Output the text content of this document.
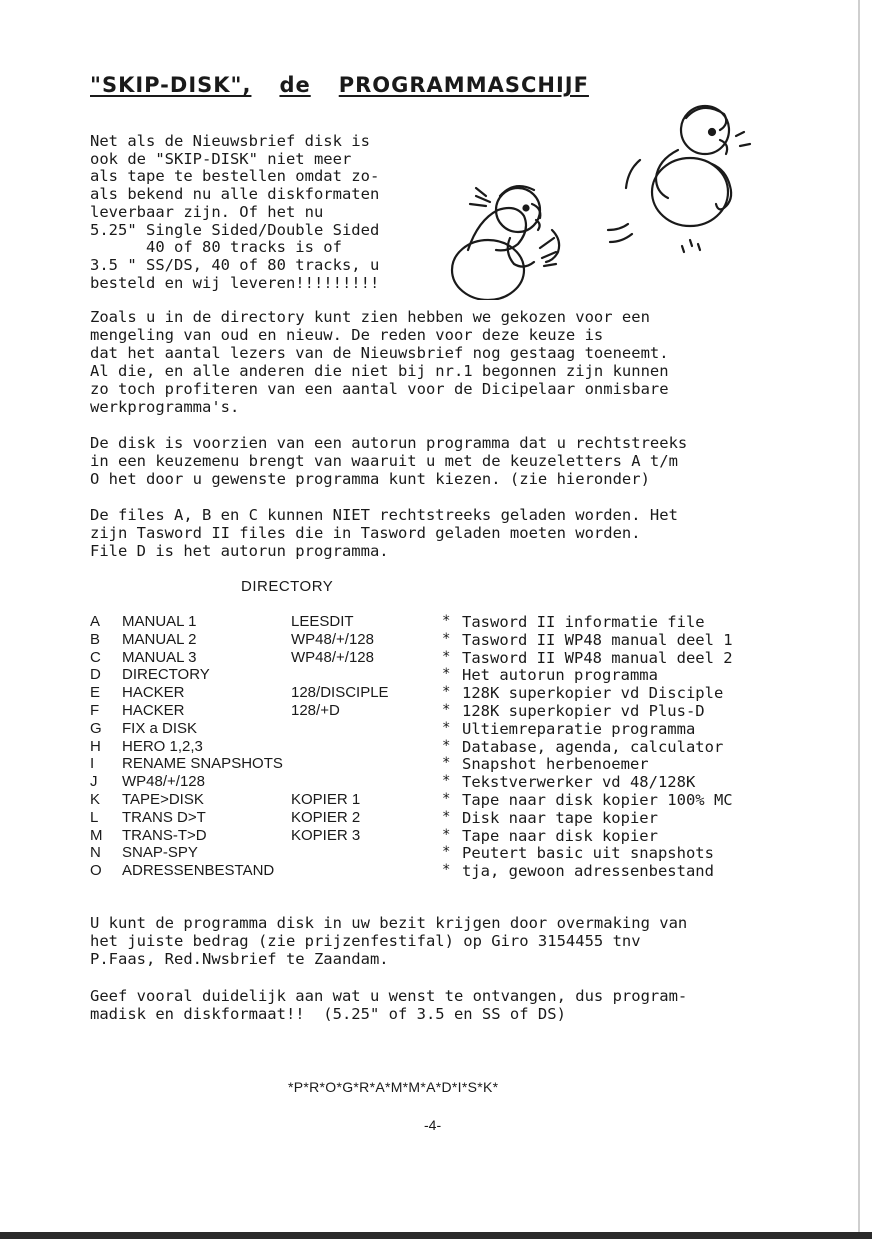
"SKIP-DISK", de PROGRAMMASCHIJF
Net als de Nieuwsbrief disk is
ook de "SKIP-DISK" niet meer
als tape te bestellen omdat zo-
als bekend nu alle diskformaten
leverbaar zijn. Of het nu
5.25" Single Sided/Double Sided
40 of 80 tracks is of
3.5 " SS/DS, 40 of 80 tracks, u
besteld en wij leveren!!!!!!!!!
Zoals u in de directory kunt zien hebben we gekozen voor een
mengeling van oud en nieuw. De reden voor deze keuze is
dat het aantal lezers van de Nieuwsbrief nog gestaag toeneemt.
Al die, en alle anderen die niet bij nr.1 begonnen zijn kunnen
zo toch profiteren van een aantal voor de Dicipelaar onmisbare
werkprogramma's.
De disk is voorzien van een autorun programma dat u rechtstreeks
in een keuzemenu brengt van waaruit u met de keuzeletters A t/m
O het door u gewenste programma kunt kiezen. (zie hieronder)
De files A, B en C kunnen NIET rechtstreeks geladen worden. Het
zijn Tasword II files die in Tasword geladen moeten worden.
File D is het autorun programma.
DIRECTORY
A MANUAL 1	LEESDIT	* Tasword II informatie file
B MANUAL 2	WP48/+/128	* Tasword II WP48 manual deel 1
C MANUAL 3	WP48/+/128	* Tasword II WP48 manual deel 2
D DIRECTORY	* Het autorun programma
E HACKER	128/DISCIPLE	* 128K superkopier vd Disciple
F HACKER	128/+D	* 128K superkopier vd Plus-D
G FIX a DISK	* Ultiemreparatie programma
H HERO 1,2,3	* Database, agenda, calculator
I RENAME SNAPSHOTS	* Snapshot herbenoemer
J WP48/+/128	* Tekstverwerker vd 48/128K
K TAPE>DISK	KOPIER 1	* Tape naar disk kopier 100% MC
L TRANS D>T	KOPIER 2	* Disk naar tape kopier
M TRANS-T>D	KOPIER 3	* Tape naar disk kopier
N SNAP-SPY	* Peutert basic uit snapshots
O ADRESSENBESTAND	* tja, gewoon adressenbestand
U kunt de programma disk in uw bezit krijgen door overmaking van
het juiste bedrag (zie prijzenfestifal) op Giro 3154455 tnv
P.Faas, Red.Nwsbrief te Zaandam.
Geef vooral duidelijk aan wat u wenst te ontvangen, dus program-
madisk en diskformaat!!  (5.25" of 3.5 en SS of DS)
*P*R*O*G*R*A*M*M*A*D*I*S*K*
-4-
